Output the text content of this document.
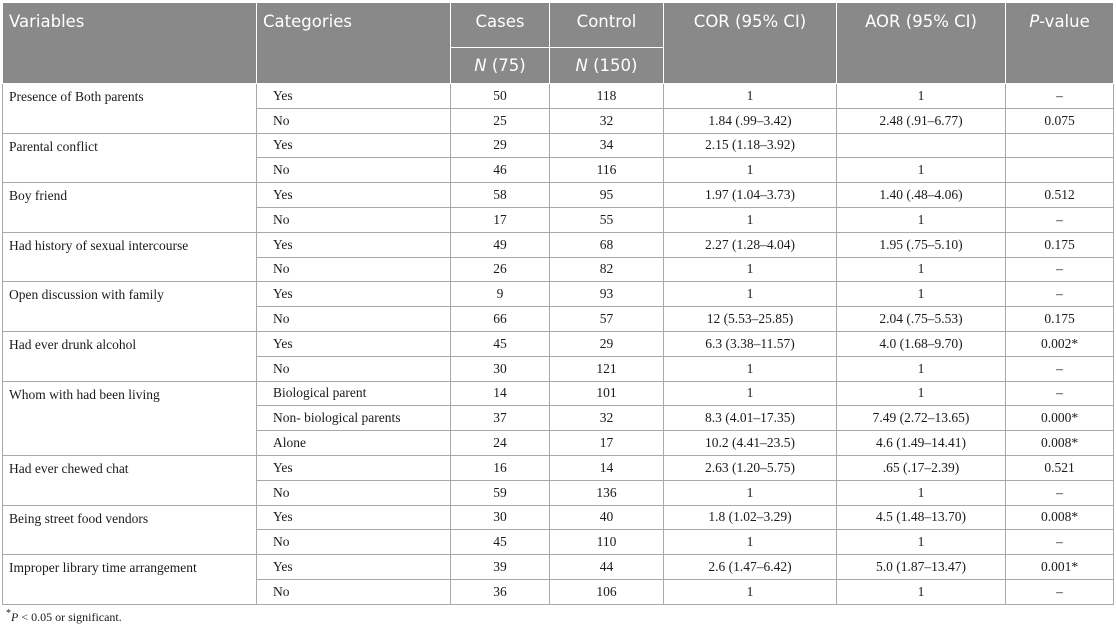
Variables	Categories	Cases	Control	COR (95% CI)	AOR (95% CI)	P-value
		N (75)	N (150)			
Presence of Both parents	Yes	50	118	1	1	–
	No	25	32	1.84 (.99–3.42)	2.48 (.91–6.77)	0.075
Parental conflict	Yes	29	34	2.15 (1.18–3.92)		
	No	46	116	1	1	
Boy friend	Yes	58	95	1.97 (1.04–3.73)	1.40 (.48–4.06)	0.512
	No	17	55	1	1	–
Had history of sexual intercourse	Yes	49	68	2.27 (1.28–4.04)	1.95 (.75–5.10)	0.175
	No	26	82	1	1	–
Open discussion with family	Yes	9	93	1	1	–
	No	66	57	12 (5.53–25.85)	2.04 (.75–5.53)	0.175
Had ever drunk alcohol	Yes	45	29	6.3 (3.38–11.57)	4.0 (1.68–9.70)	0.002*
	No	30	121	1	1	–
Whom with had been living	Biological parent	14	101	1	1	–
	Non- biological parents	37	32	8.3 (4.01–17.35)	7.49 (2.72–13.65)	0.000*
	Alone	24	17	10.2 (4.41–23.5)	4.6 (1.49–14.41)	0.008*
Had ever chewed chat	Yes	16	14	2.63 (1.20–5.75)	.65 (.17–2.39)	0.521
	No	59	136	1	1	–
Being street food vendors	Yes	30	40	1.8 (1.02–3.29)	4.5 (1.48–13.70)	0.008*
	No	45	110	1	1	–
Improper library time arrangement	Yes	39	44	2.6 (1.47–6.42)	5.0 (1.87–13.47)	0.001*
	No	36	106	1	1	–
*P < 0.05 or significant.
